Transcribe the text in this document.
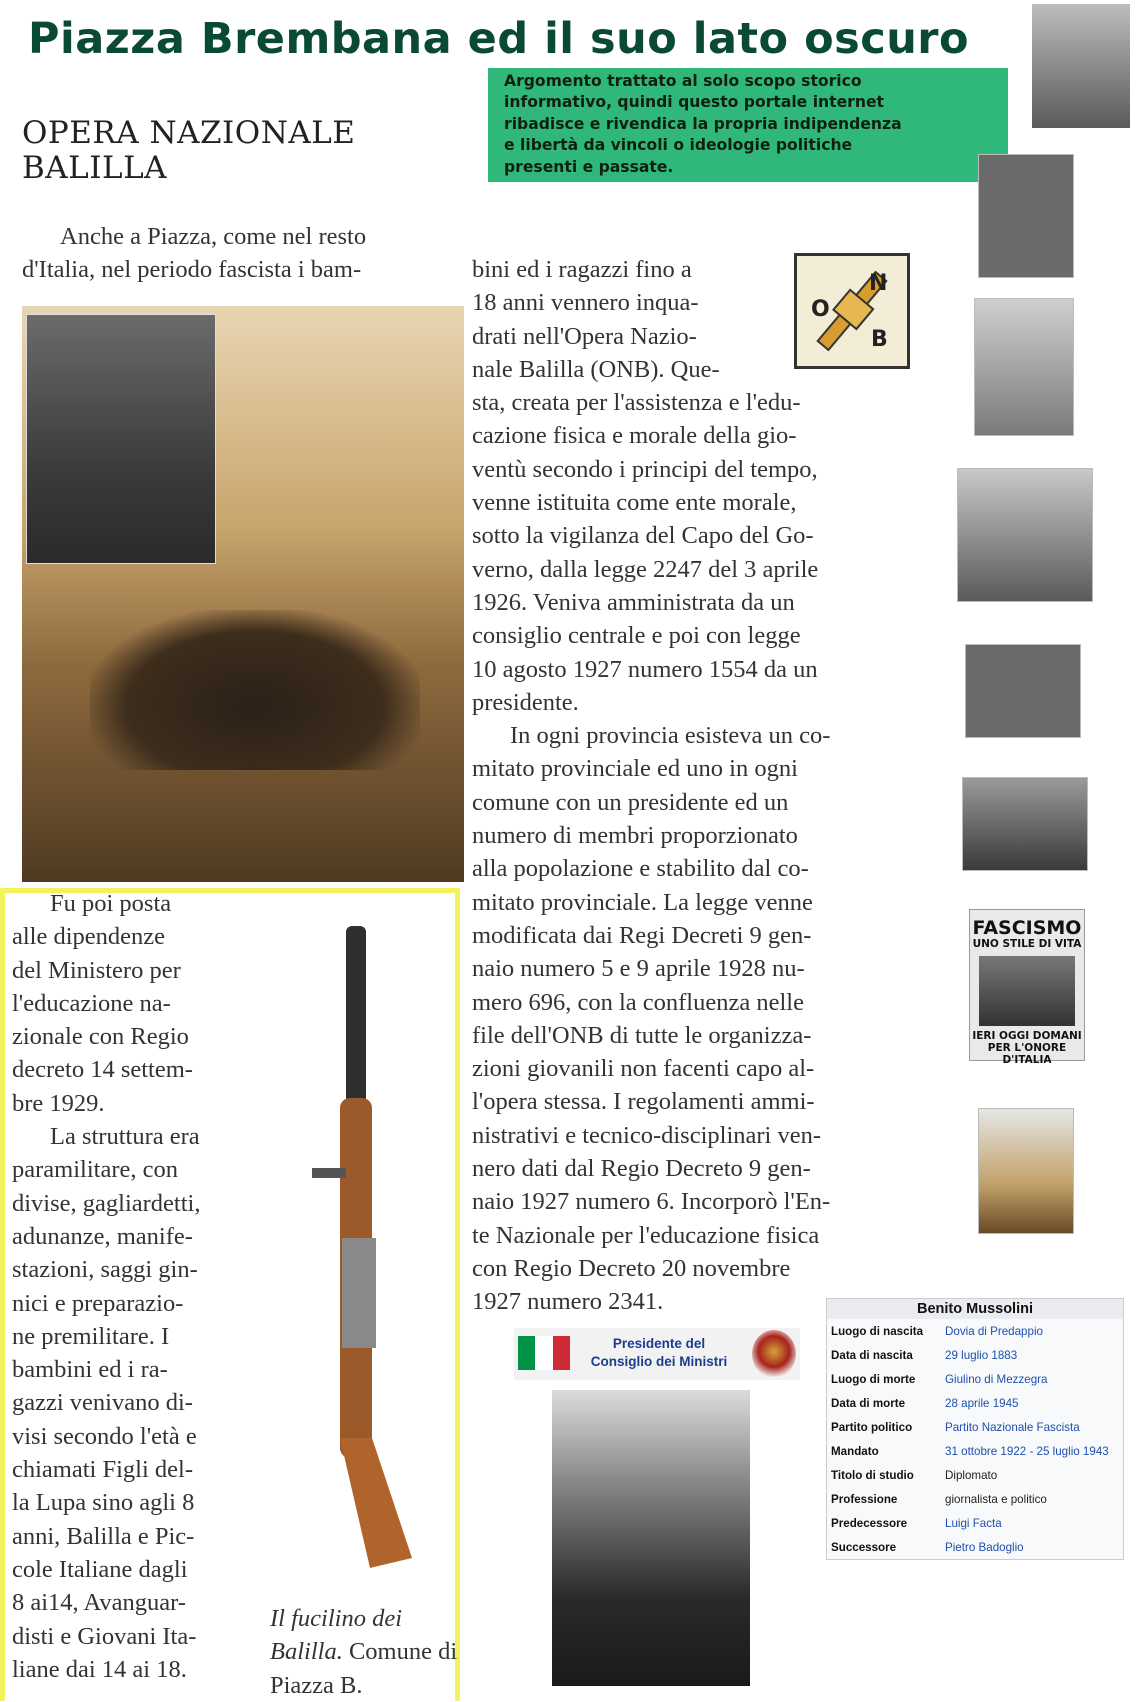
Piazza Brembana ed il suo lato oscuro

Argomento trattato al solo scopo storico

informativo, quindi questo portale internet

ribadisce e rivendica la propria indipendenza

e libertà da vincoli o ideologie politiche

presenti e passate.

OPERA NAZIONALE
BALILLA

Anche a Piazza, come nel resto

d'Italia, nel periodo fascista i bam-

O
N
B

bini ed i ragazzi fino a

18 anni vennero inqua-

drati nell'Opera Nazio-

nale Balilla (ONB). Que-

sta, creata per l'assistenza e l'edu-

cazione fisica e morale della gio-

ventù secondo i principi del tempo,

venne istituita come ente morale,

sotto la vigilanza del Capo del Go-

verno, dalla legge 2247 del 3 aprile

1926. Veniva amministrata da un

consiglio centrale e poi con legge

10 agosto 1927 numero 1554 da un

presidente.

In ogni provincia esisteva un co-

mitato provinciale ed uno in ogni

comune con un presidente ed un

numero di membri proporzionato

alla popolazione e stabilito dal co-

mitato provinciale. La legge venne

modificata dai Regi Decreti 9 gen-

naio numero 5 e 9 aprile 1928 nu-

mero 696, con la confluenza nelle

file dell'ONB di tutte le organizza-

zioni giovanili non facenti capo al-

l'opera stessa. I regolamenti ammi-

nistrativi e tecnico-disciplinari ven-

nero dati dal Regio Decreto 9 gen-

naio 1927 numero 6. Incorporò l'En-

te Nazionale per l'educazione fisica

con Regio Decreto 20 novembre

1927 numero 2341.

Fu poi posta

alle dipendenze

del Ministero per

l'educazione na-

zionale con Regio

decreto 14 settem-

bre 1929.

La struttura era

paramilitare, con

divise, gagliardetti,

adunanze, manife-

stazioni, saggi gin-

nici e preparazio-

ne premilitare. I

bambini ed i ra-

gazzi venivano di-

visi secondo l'età e

chiamati Figli del-

la Lupa sino agli 8

anni, Balilla e Pic-

cole Italiane dagli

8 ai14, Avanguar-

disti e Giovani Ita-

liane dai 14 ai 18.

Il fucilino dei Balilla. Comune di Piazza B.
FASCISMO
UNO STILE DI VITA
IERI OGGI DOMANI PER L'ONORE D'ITALIA
Presidente del
Consiglio dei Ministri
Benito Mussolini
Luogo di nascita	Dovia di Predappio
Data di nascita	29 luglio 1883
Luogo di morte	Giulino di Mezzegra
Data di morte	28 aprile 1945
Partito politico	Partito Nazionale Fascista
Mandato	31 ottobre 1922 - 25 luglio 1943
Titolo di studio	Diplomato
Professione	giornalista e politico
Predecessore	Luigi Facta
Successore	Pietro Badoglio
